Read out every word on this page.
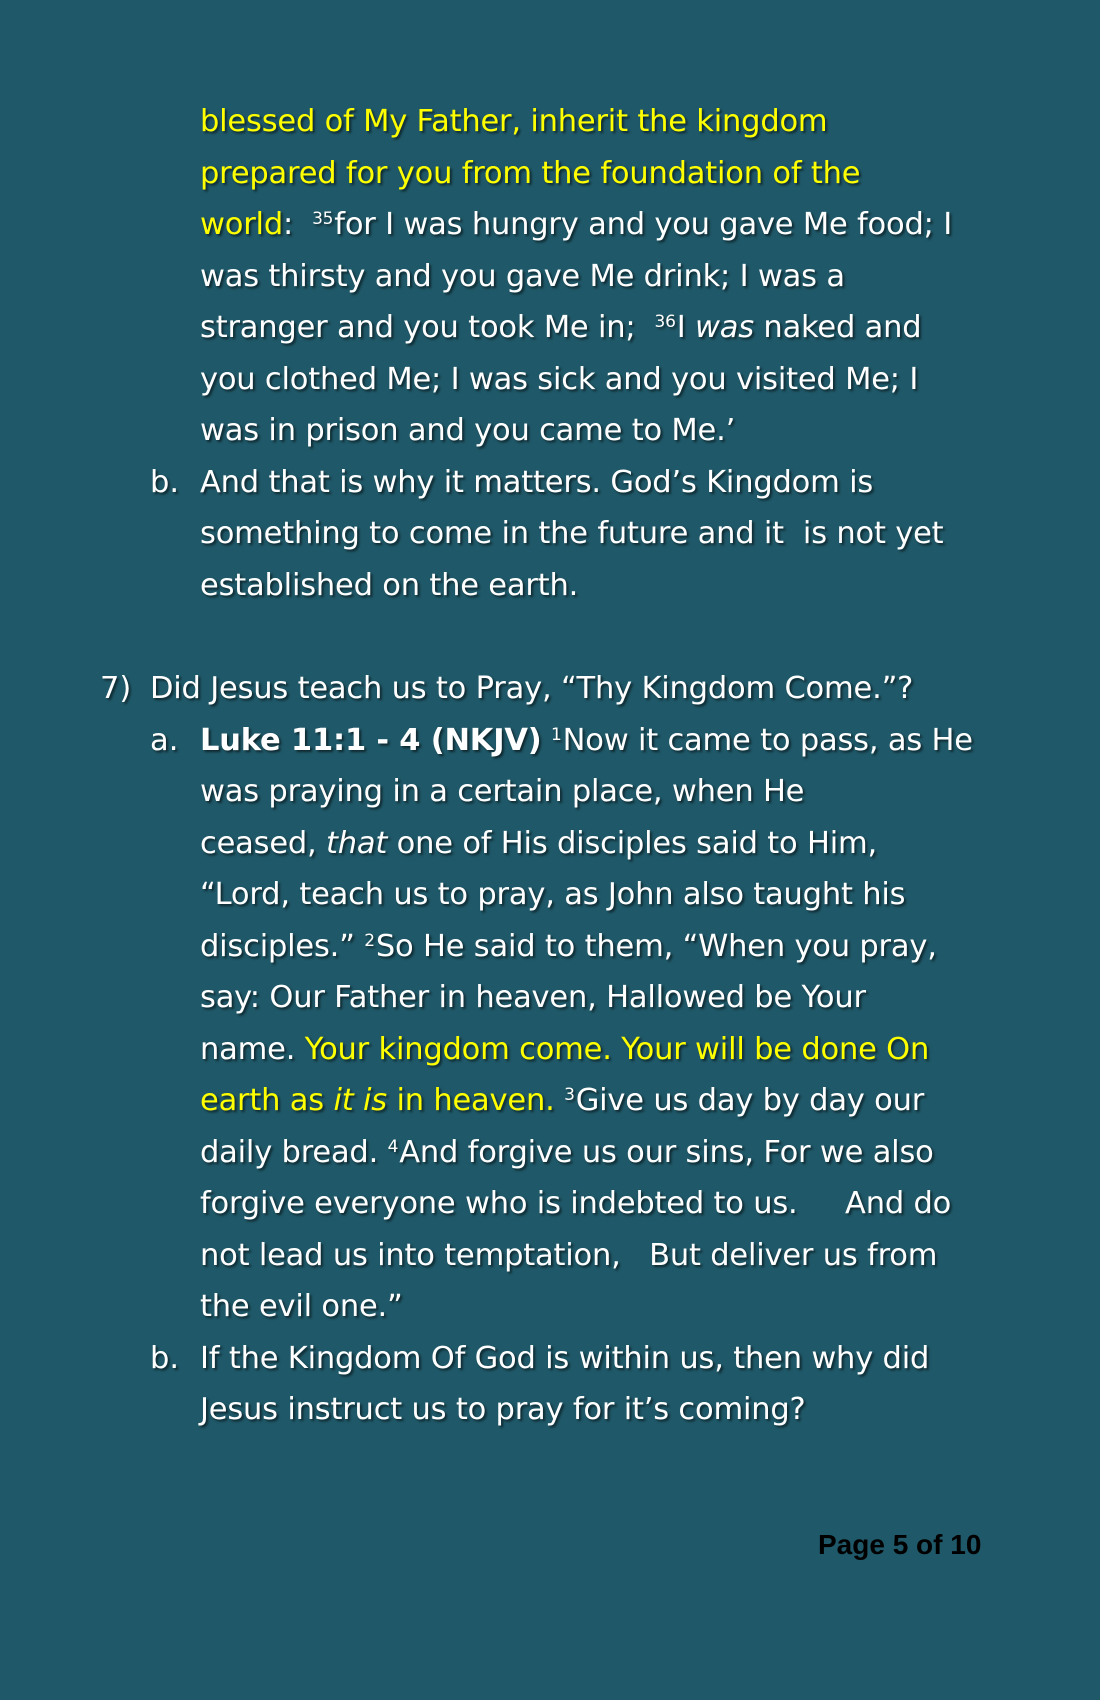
blessed of My Father, inherit the kingdom
prepared for you from the foundation of the
world:  $^{35}$for I was hungry and you gave Me food; I
was thirsty and you gave Me drink; I was a
stranger and you took Me in;  $^{36}$I was naked and
you clothed Me; I was sick and you visited Me; I
was in prison and you came to Me.’
b. And that is why it matters. God’s Kingdom is
something to come in the future and it  is not yet
established on the earth.
7) Did Jesus teach us to Pray, “Thy Kingdom Come.”?
a. Luke 11:1 - 4 (NKJV) $^1$Now it came to pass, as He
was praying in a certain place, when He
ceased, that one of His disciples said to Him,
“Lord, teach us to pray, as John also taught his
disciples.” $^2$So He said to them, “When you pray,
say: Our Father in heaven, Hallowed be Your
name. Your kingdom come. Your will be done On
earth as it is in heaven. $^3$Give us day by day our
daily bread. $^4$And forgive us our sins, For we also
forgive everyone who is indebted to us.     And do
not lead us into temptation,   But deliver us from
the evil one.”
b. If the Kingdom Of God is within us, then why did
Jesus instruct us to pray for it’s coming?
Page 5 of 10
